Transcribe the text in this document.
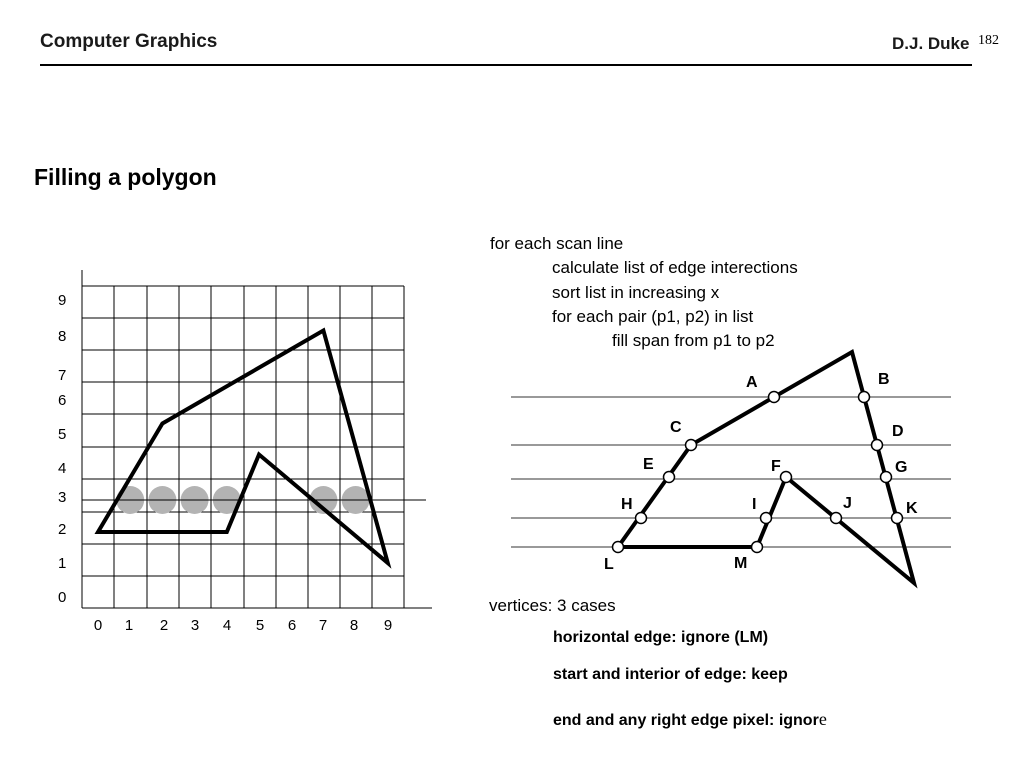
Computer Graphics	D.J. Duke 182
Filling a polygon
9
8
7
6
5
4
3
2
1
0
0 1 2 3 4 5 6 7 8 9
A	B
C	D
E	F	G
H	I	J	K
L	M
for each scan line
calculate list of edge interections
sort list in increasing x
for each pair (p1, p2) in list
fill span from p1 to p2
vertices: 3 cases
horizontal edge: ignore (LM)
start and interior of edge: keep
end and any right edge pixel: ignore
